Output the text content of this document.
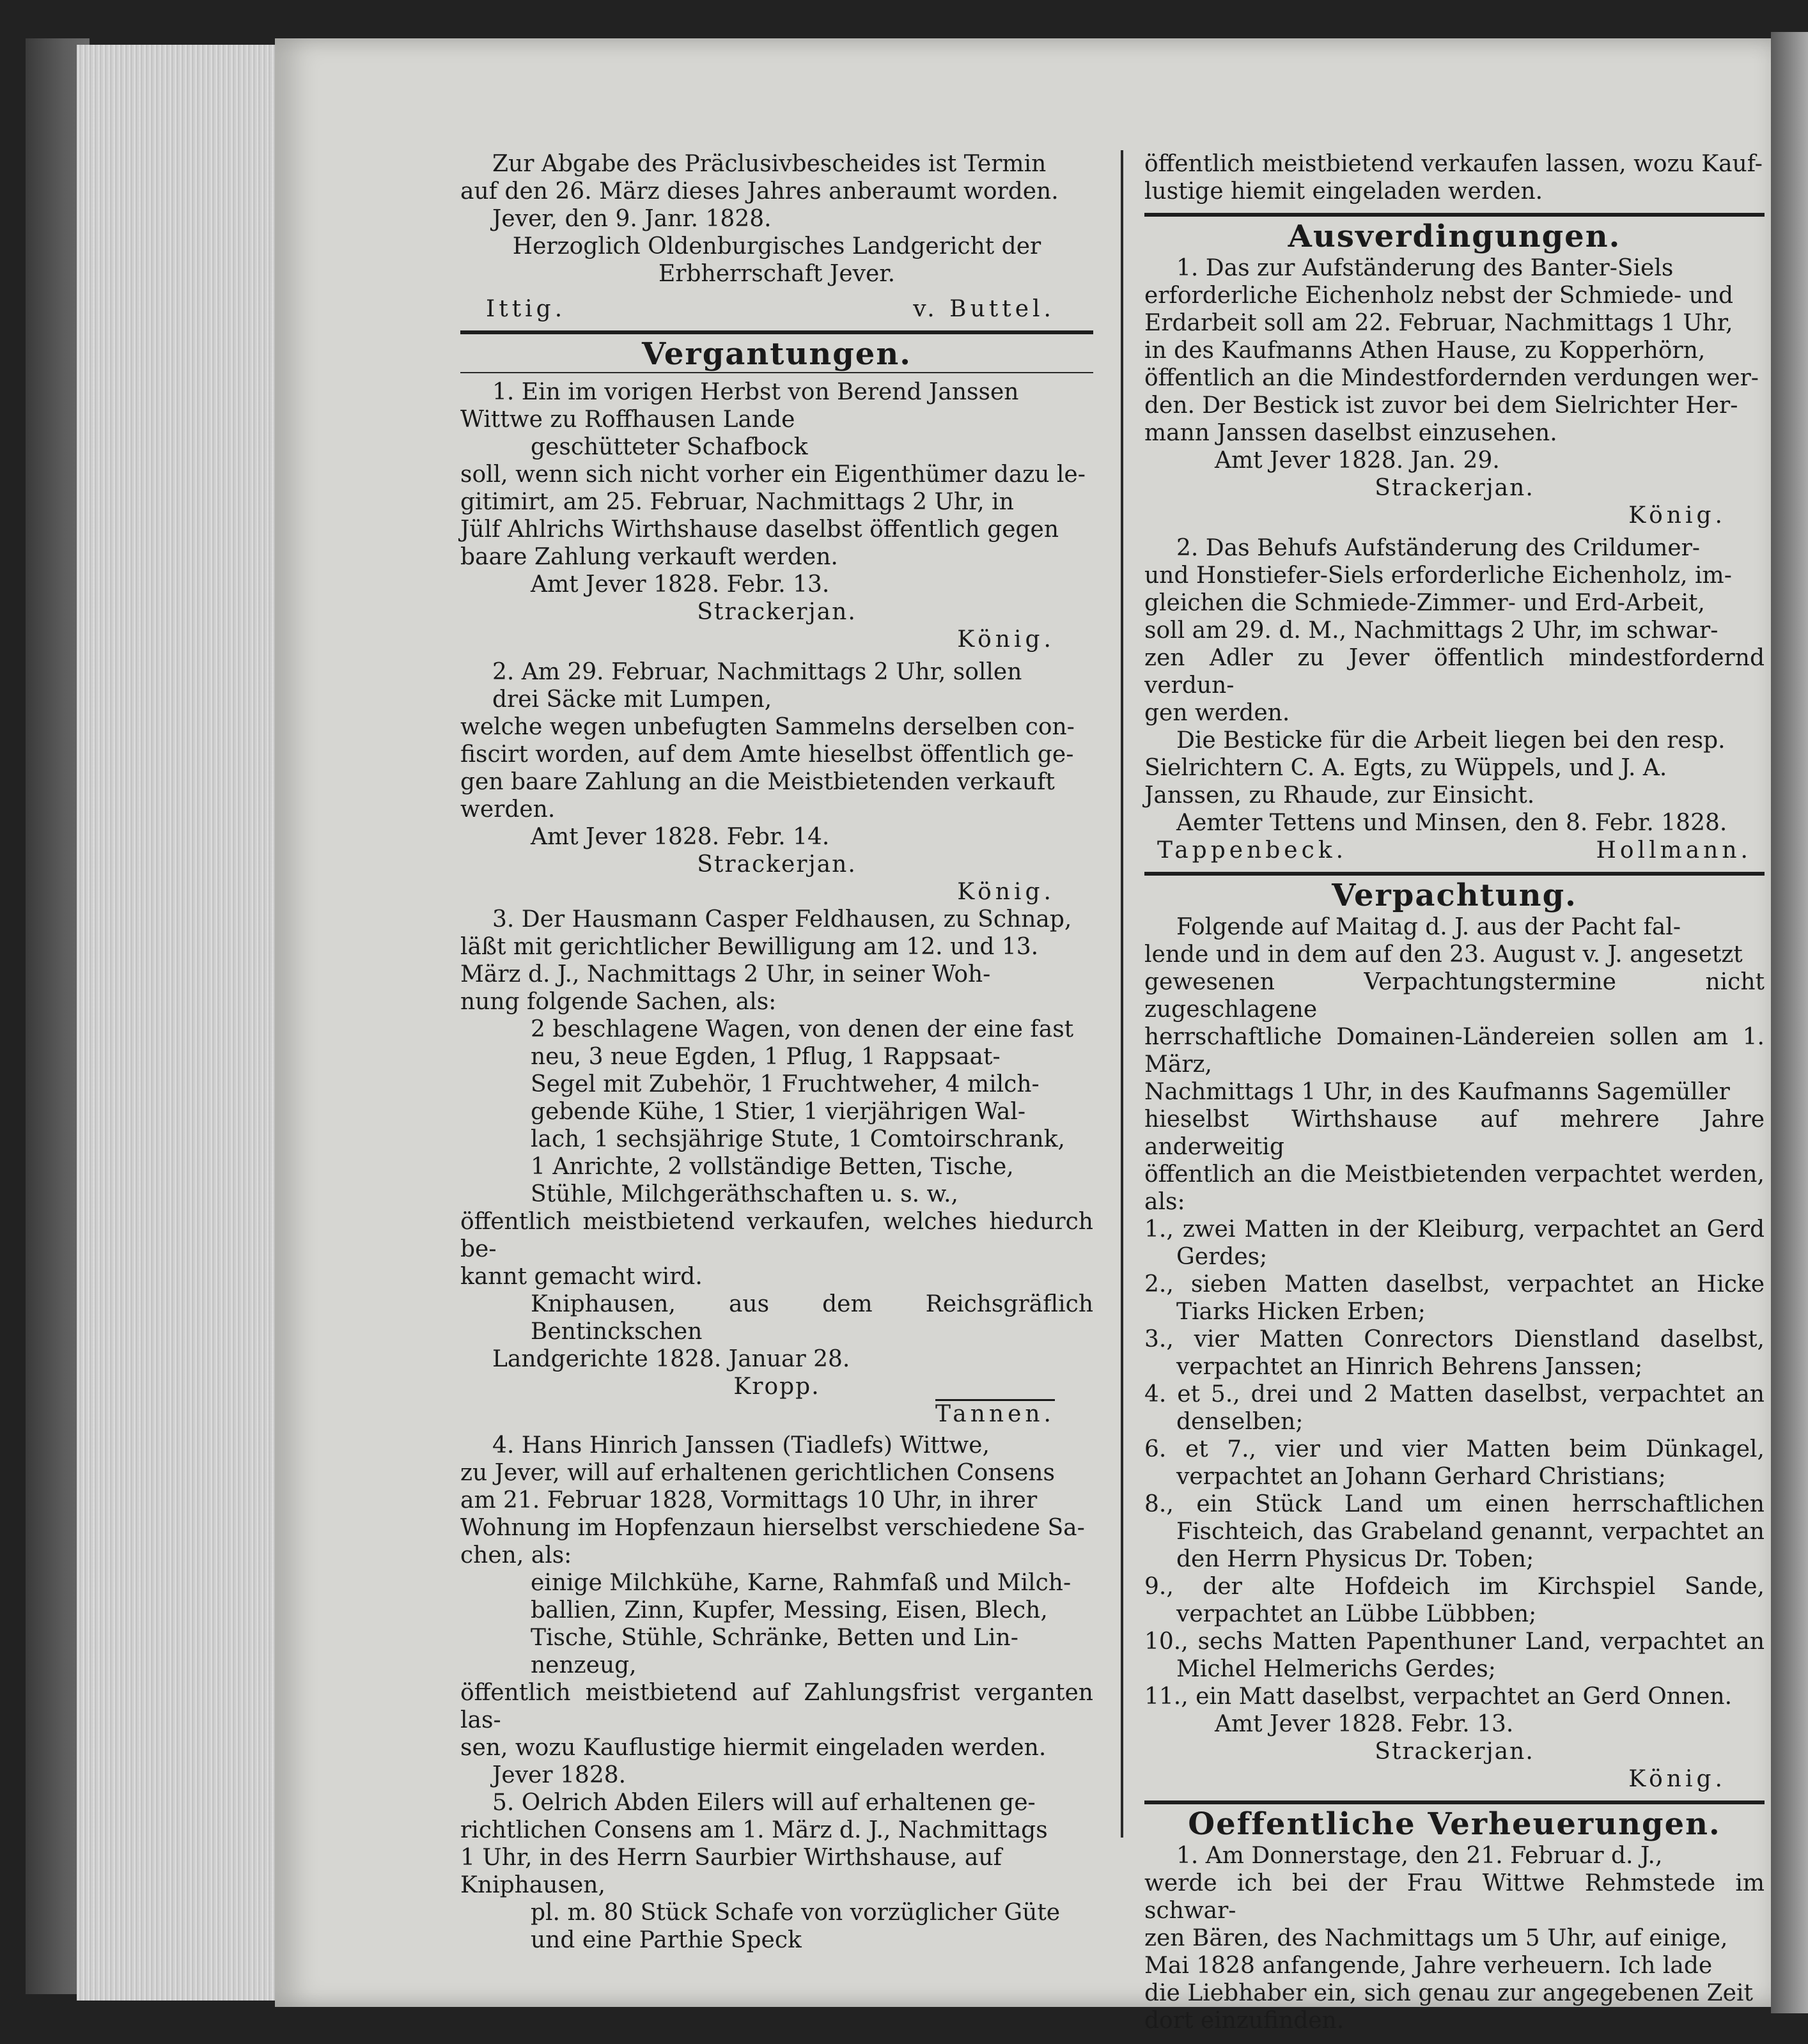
Zur Abgabe des Präclusivbescheides ist Termin

auf den 26. März dieses Jahres anberaumt worden.

Jever, den 9. Janr. 1828.

Herzoglich Oldenburgisches Landgericht der

Erbherrschaft Jever.

Ittig.	v. Buttel.
Vergantungen.

1. Ein im vorigen Herbst von Berend Janssen

Wittwe zu Roffhausen Lande

geschütteter Schafbock

soll, wenn sich nicht vorher ein Eigenthümer dazu le-

gitimirt, am 25. Februar, Nachmittags 2 Uhr, in

Jülf Ahlrichs Wirthshause daselbst öffentlich gegen

baare Zahlung verkauft werden.

Amt Jever 1828. Febr. 13.

Strackerjan.

König.

2. Am 29. Februar, Nachmittags 2 Uhr, sollen

drei Säcke mit Lumpen,

welche wegen unbefugten Sammelns derselben con-

fiscirt worden, auf dem Amte hieselbst öffentlich ge-

gen baare Zahlung an die Meistbietenden verkauft

werden.

Amt Jever 1828. Febr. 14.

Strackerjan.

König.

3. Der Hausmann Casper Feldhausen, zu Schnap,

läßt mit gerichtlicher Bewilligung am 12. und 13.

März d. J., Nachmittags 2 Uhr, in seiner Woh-

nung folgende Sachen, als:

2 beschlagene Wagen, von denen der eine fast

neu, 3 neue Egden, 1 Pflug, 1 Rappsaat-

Segel mit Zubehör, 1 Fruchtweher, 4 milch-

gebende Kühe, 1 Stier, 1 vierjährigen Wal-

lach, 1 sechsjährige Stute, 1 Comtoirschrank,

1 Anrichte, 2 vollständige Betten, Tische,

Stühle, Milchgeräthschaften u. s. w.,

öffentlich meistbietend verkaufen, welches hiedurch be-

kannt gemacht wird.

Kniphausen, aus dem Reichsgräflich Bentinckschen

Landgerichte 1828. Januar 28.

Kropp.

Tannen.

4. Hans Hinrich Janssen (Tiadlefs) Wittwe,

zu Jever, will auf erhaltenen gerichtlichen Consens

am 21. Februar 1828, Vormittags 10 Uhr, in ihrer

Wohnung im Hopfenzaun hierselbst verschiedene Sa-

chen, als:

einige Milchkühe, Karne, Rahmfaß und Milch-

ballien, Zinn, Kupfer, Messing, Eisen, Blech,

Tische, Stühle, Schränke, Betten und Lin-

nenzeug,

öffentlich meistbietend auf Zahlungsfrist verganten las-

sen, wozu Kauflustige hiermit eingeladen werden.

Jever 1828.

5. Oelrich Abden Eilers will auf erhaltenen ge-

richtlichen Consens am 1. März d. J., Nachmittags

1 Uhr, in des Herrn Saurbier Wirthshause, auf

Kniphausen,

pl. m. 80 Stück Schafe von vorzüglicher Güte

und eine Parthie Speck

öffentlich meistbietend verkaufen lassen, wozu Kauf-

lustige hiemit eingeladen werden.

Ausverdingungen.

1. Das zur Aufständerung des Banter-Siels

erforderliche Eichenholz nebst der Schmiede- und

Erdarbeit soll am 22. Februar, Nachmittags 1 Uhr,

in des Kaufmanns Athen Hause, zu Kopperhörn,

öffentlich an die Mindestfordernden verdungen wer-

den. Der Bestick ist zuvor bei dem Sielrichter Her-

mann Janssen daselbst einzusehen.

Amt Jever 1828. Jan. 29.

Strackerjan.

König.

2. Das Behufs Aufständerung des Crildumer-

und Honstiefer-Siels erforderliche Eichenholz, im-

gleichen die Schmiede-Zimmer- und Erd-Arbeit,

soll am 29. d. M., Nachmittags 2 Uhr, im schwar-

zen Adler zu Jever öffentlich mindestfordernd verdun-

gen werden.

Die Besticke für die Arbeit liegen bei den resp.

Sielrichtern C. A. Egts, zu Wüppels, und J. A.

Janssen, zu Rhaude, zur Einsicht.

Aemter Tettens und Minsen, den 8. Febr. 1828.

Tappenbeck.	Hollmann.
Verpachtung.

Folgende auf Maitag d. J. aus der Pacht fal-

lende und in dem auf den 23. August v. J. angesetzt

gewesenen Verpachtungstermine nicht zugeschlagene

herrschaftliche Domainen-Ländereien sollen am 1. März,

Nachmittags 1 Uhr, in des Kaufmanns Sagemüller

hieselbst Wirthshause auf mehrere Jahre anderweitig

öffentlich an die Meistbietenden verpachtet werden, als:

1., zwei Matten in der Kleiburg, verpachtet an Gerd Gerdes;

2., sieben Matten daselbst, verpachtet an Hicke Tiarks Hicken Erben;

3., vier Matten Conrectors Dienstland daselbst, verpachtet an Hinrich Behrens Janssen;

4. et 5., drei und 2 Matten daselbst, verpachtet an denselben;

6. et 7., vier und vier Matten beim Dünkagel, verpachtet an Johann Gerhard Christians;

8., ein Stück Land um einen herrschaftlichen Fischteich, das Grabeland genannt, verpachtet an den Herrn Physicus Dr. Toben;

9., der alte Hofdeich im Kirchspiel Sande, verpachtet an Lübbe Lübbben;

10., sechs Matten Papenthuner Land, verpachtet an Michel Helmerichs Gerdes;

11., ein Matt daselbst, verpachtet an Gerd Onnen.

Amt Jever 1828. Febr. 13.

Strackerjan.

König.

Oeffentliche Verheuerungen.

1. Am Donnerstage, den 21. Februar d. J.,

werde ich bei der Frau Wittwe Rehmstede im schwar-

zen Bären, des Nachmittags um 5 Uhr, auf einige,

Mai 1828 anfangende, Jahre verheuern. Ich lade

die Liebhaber ein, sich genau zur angegebenen Zeit

dort einzufinden.
